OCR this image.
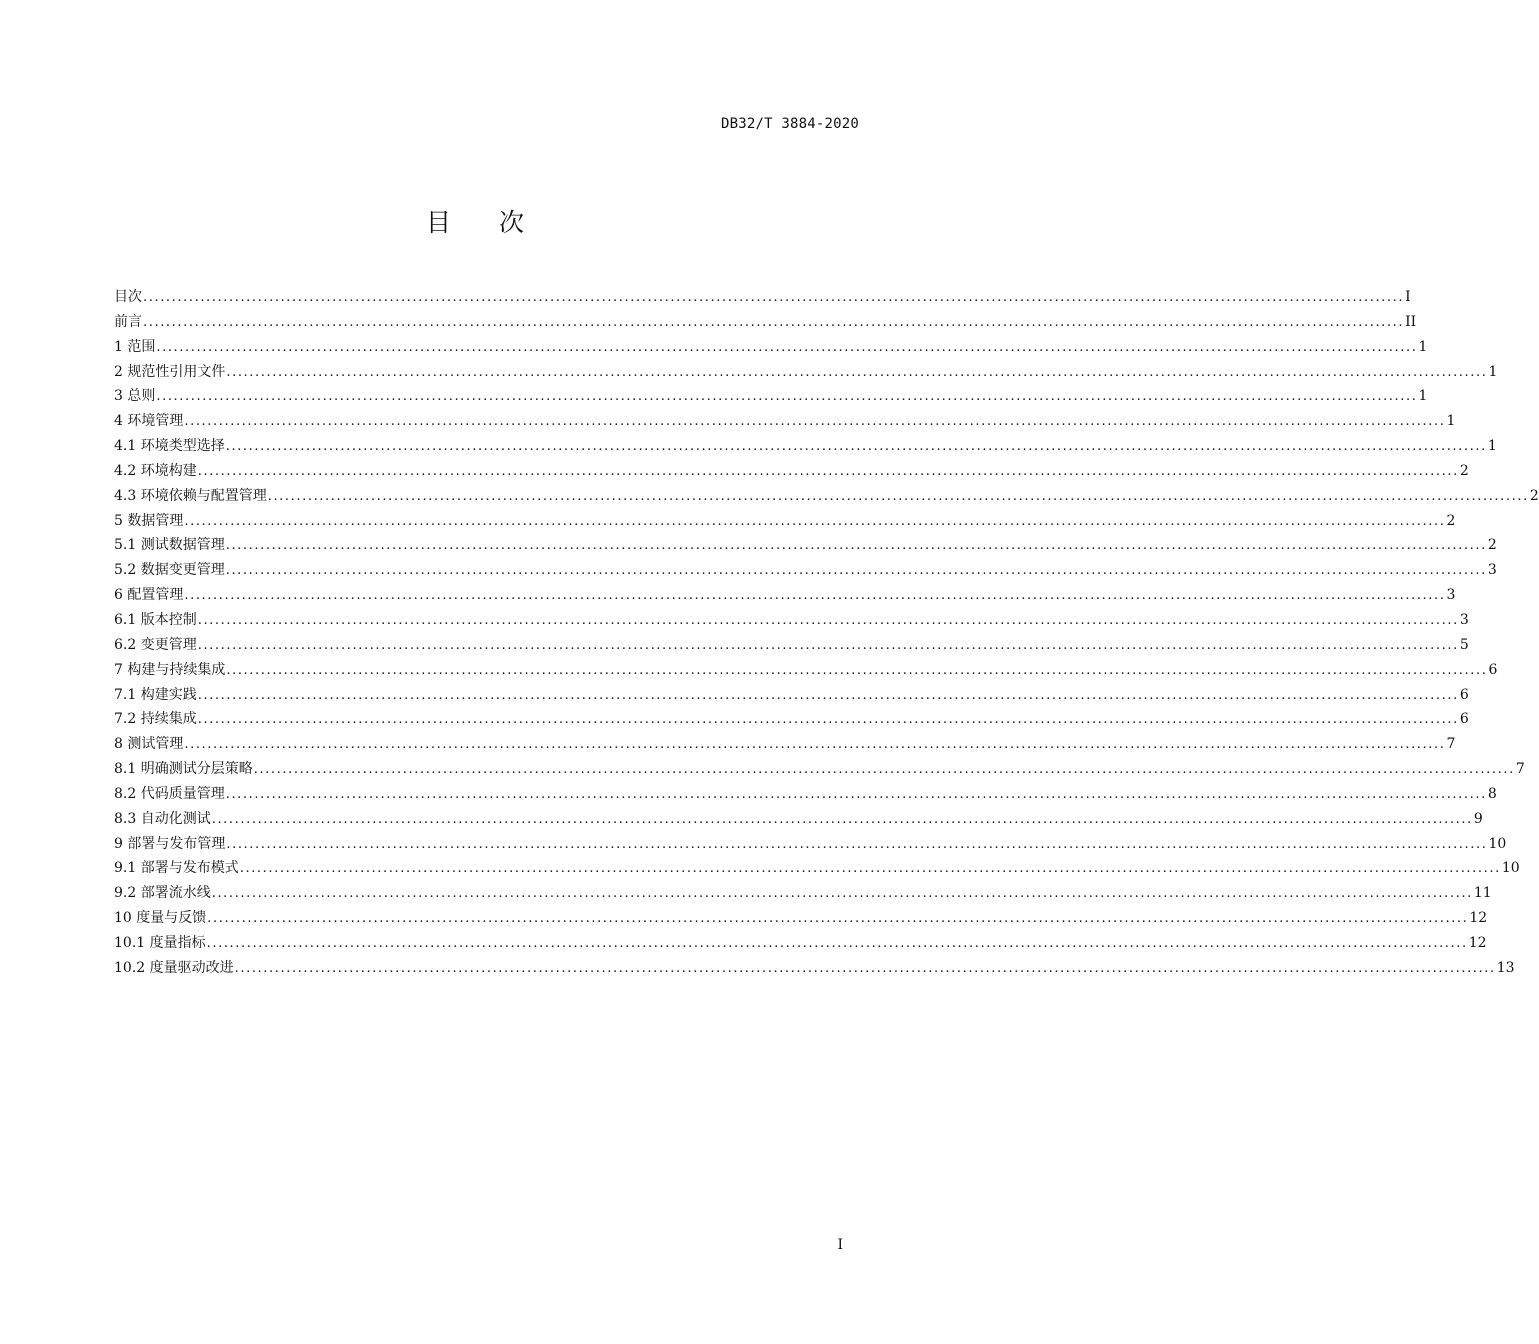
DB32/T 3884-2020
目次
目次 ............................................................................................................................................................................................................................ I
前言 ............................................................................................................................................................................................................................ II
1 范围 ............................................................................................................................................................................................................................ 1
2 规范性引用文件 ............................................................................................................................................................................................................................ 1
3 总则 ............................................................................................................................................................................................................................ 1
4 环境管理 ............................................................................................................................................................................................................................ 1
4.1 环境类型选择 ............................................................................................................................................................................................................................ 1
4.2 环境构建 ............................................................................................................................................................................................................................ 2
4.3 环境依赖与配置管理 ............................................................................................................................................................................................................................ 2
5 数据管理 ............................................................................................................................................................................................................................ 2
5.1 测试数据管理 ............................................................................................................................................................................................................................ 2
5.2 数据变更管理 ............................................................................................................................................................................................................................ 3
6 配置管理 ............................................................................................................................................................................................................................ 3
6.1 版本控制 ............................................................................................................................................................................................................................ 3
6.2 变更管理 ............................................................................................................................................................................................................................ 5
7 构建与持续集成 ............................................................................................................................................................................................................................ 6
7.1 构建实践 ............................................................................................................................................................................................................................ 6
7.2 持续集成 ............................................................................................................................................................................................................................ 6
8 测试管理 ............................................................................................................................................................................................................................ 7
8.1 明确测试分层策略 ............................................................................................................................................................................................................................ 7
8.2 代码质量管理 ............................................................................................................................................................................................................................ 8
8.3 自动化测试 ............................................................................................................................................................................................................................ 9
9 部署与发布管理 ............................................................................................................................................................................................................................ 10
9.1 部署与发布模式 ............................................................................................................................................................................................................................ 10
9.2 部署流水线 ............................................................................................................................................................................................................................ 11
10 度量与反馈 ............................................................................................................................................................................................................................ 12
10.1 度量指标 ............................................................................................................................................................................................................................ 12
10.2 度量驱动改进 ............................................................................................................................................................................................................................ 13
I
